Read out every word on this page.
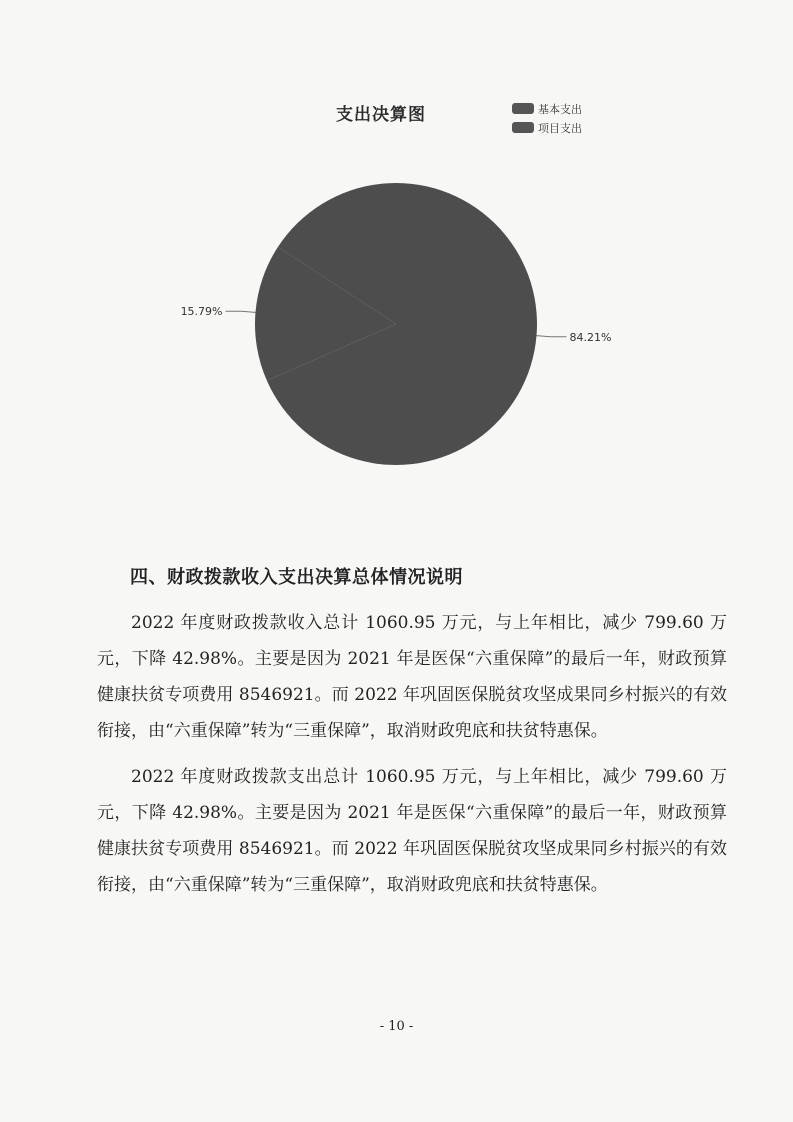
支出决算图	基本支出
项目支出
84.21%
15.79%
四、财政拨款收入支出决算总体情况说明

2022 年度财政拨款收入总计 1060.95 万元，与上年相比，减少 799.60 万元，下降 42.98%。主要是因为 2021 年是医保“六重保障”的最后一年，财政预算健康扶贫专项费用 8546921。而 2022 年巩固医保脱贫攻坚成果同乡村振兴的有效衔接，由“六重保障”转为“三重保障”，取消财政兜底和扶贫特惠保。

2022 年度财政拨款支出总计 1060.95 万元，与上年相比，减少 799.60 万元，下降 42.98%。主要是因为 2021 年是医保“六重保障”的最后一年，财政预算健康扶贫专项费用 8546921。而 2022 年巩固医保脱贫攻坚成果同乡村振兴的有效衔接，由“六重保障”转为“三重保障”，取消财政兜底和扶贫特惠保。

- 10 -
